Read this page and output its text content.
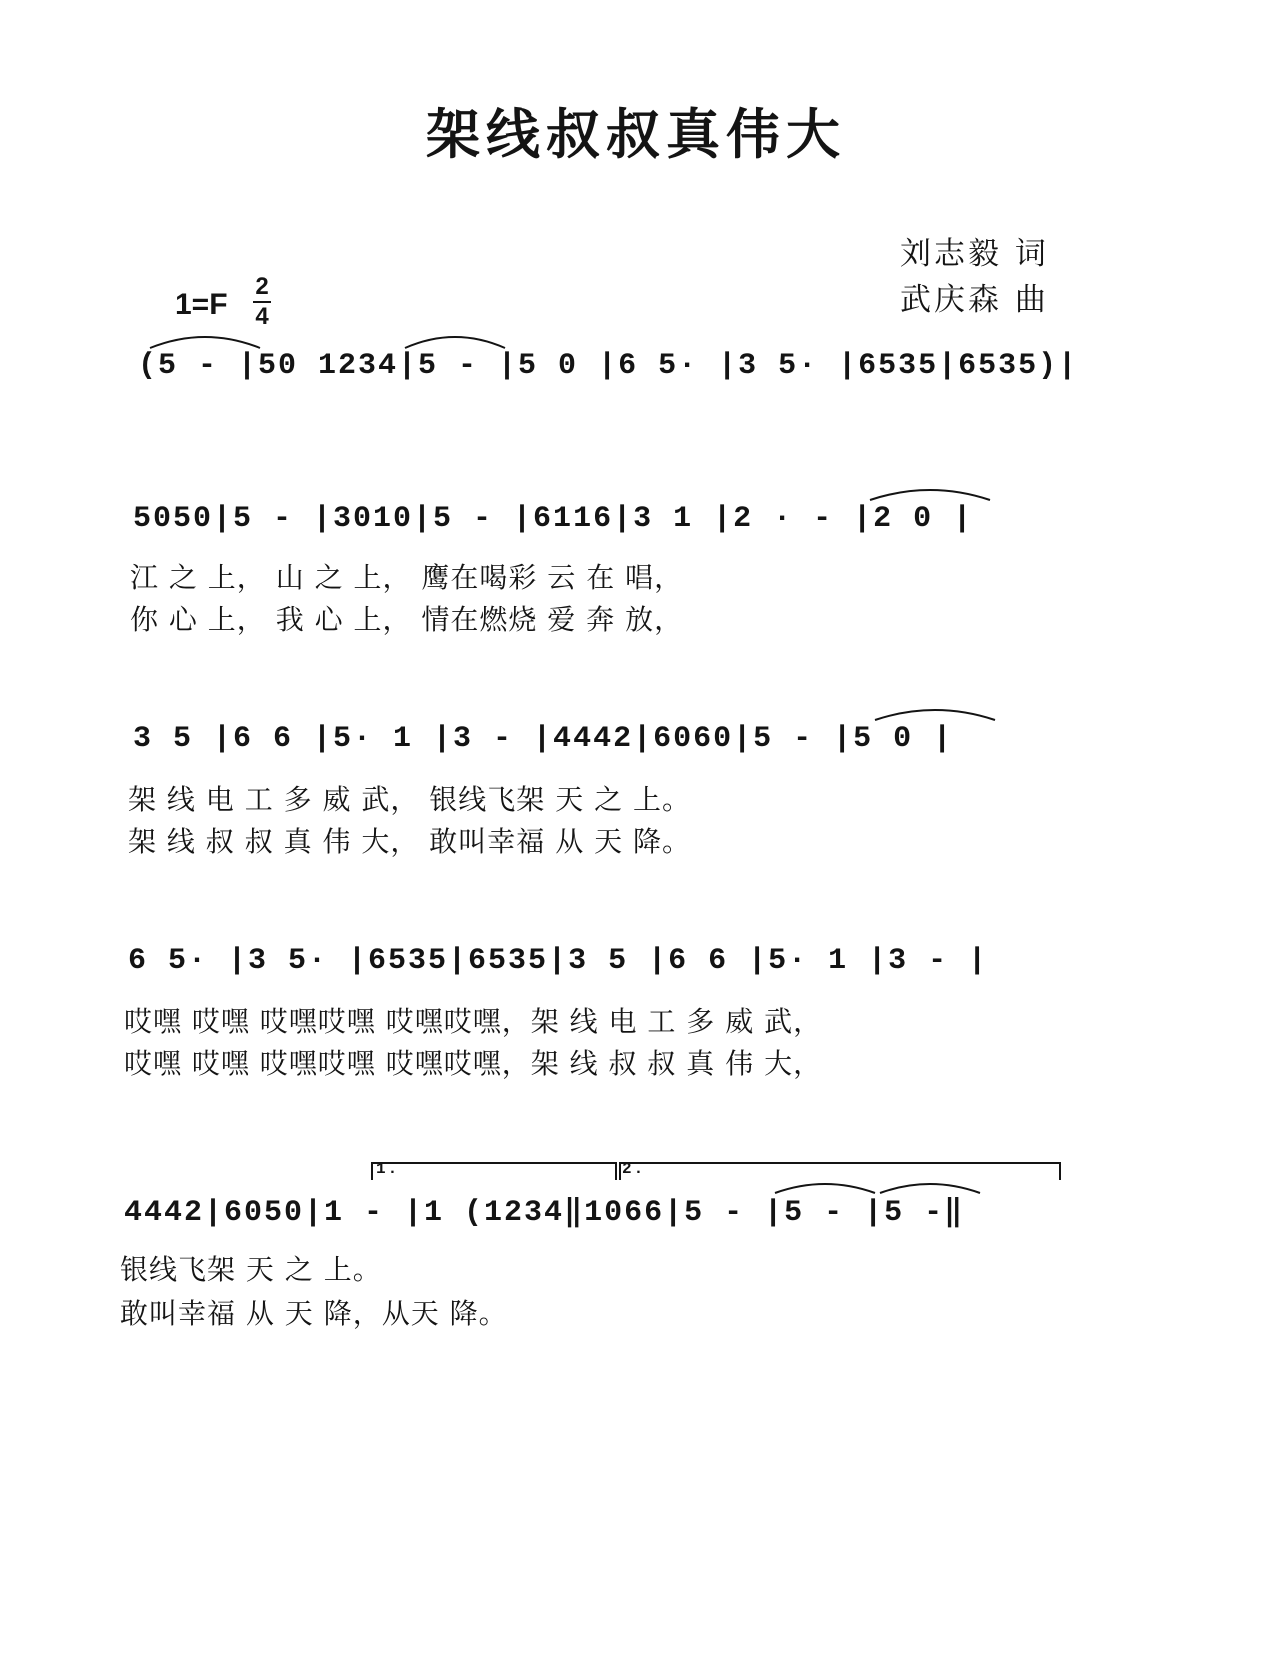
架线叔叔真伟大
刘志毅 词
武庆森 曲
1=F
2
4
(5 - |50 1234|5 - |5 0 |6 5· |3 5· |6535|6535)|
5050|5 - |3010|5 - |6116|3 1 |2 · - |2 0 |
江 之 上， 山 之 上， 鹰在喝彩 云 在 唱，
你 心 上， 我 心 上， 情在燃烧 爱 奔 放，
3 5 |6 6 |5· 1 |3 - |4442|6060|5 - |5 0 |
架 线 电 工 多 威 武， 银线飞架 天 之 上。
架 线 叔 叔 真 伟 大， 敢叫幸福 从 天 降。
6 5· |3 5· |6535|6535|3 5 |6 6 |5· 1 |3 - |
哎嘿 哎嘿 哎嘿哎嘿 哎嘿哎嘿，架 线 电 工 多 威 武，
哎嘿 哎嘿 哎嘿哎嘿 哎嘿哎嘿，架 线 叔 叔 真 伟 大，
4442|6050|1 - |1 (1234‖1066|5 - |5 - |5 -‖
1.	2.
银线飞架 天 之 上。
敢叫幸福 从 天 降，从天 降。
